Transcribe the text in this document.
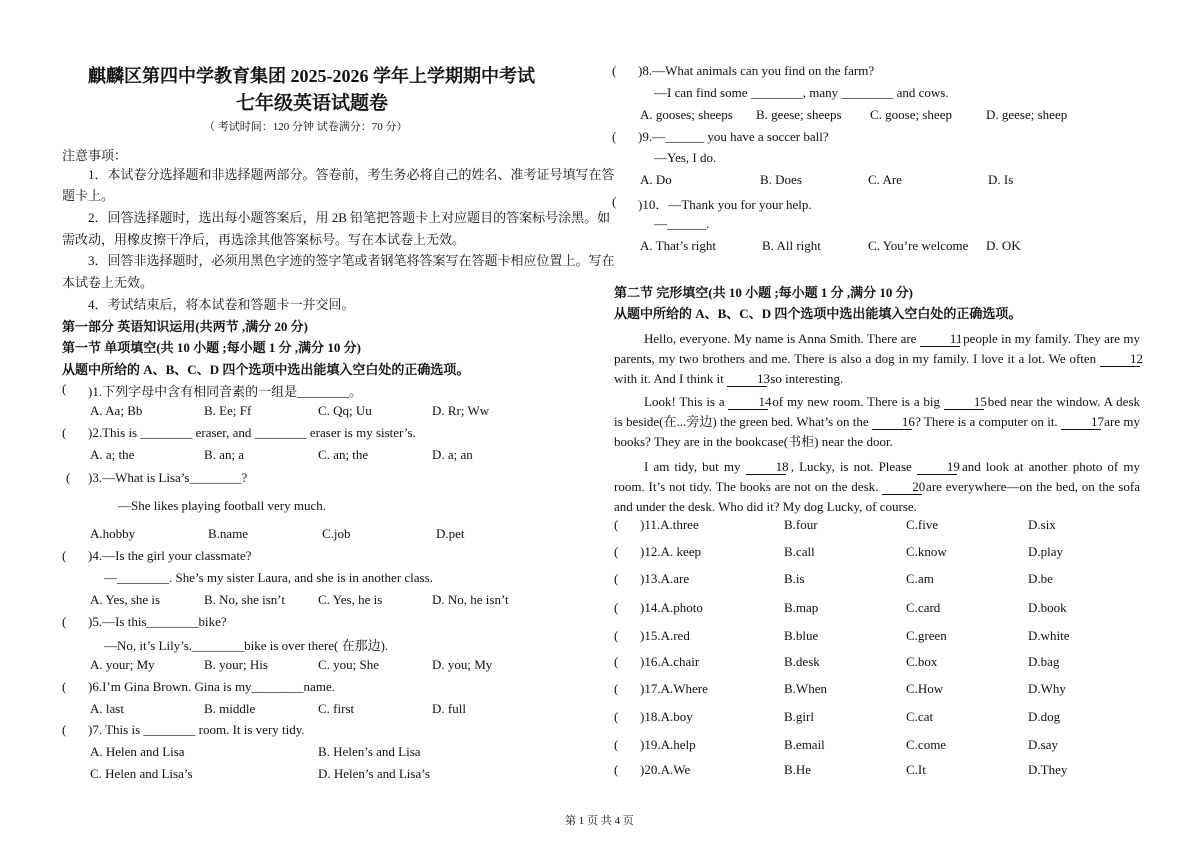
麒麟区第四中学教育集团 2025-2026 学年上学期期中考试
七年级英语试题卷
（ 考试时间：120 分钟 试卷满分：70 分）
注意事项：
1．本试卷分选择题和非选择题两部分。答卷前，考生务必将自己的姓名、准考证号填写在答
题卡上。
2．回答选择题时，选出每小题答案后，用 2B 铅笔把答题卡上对应题目的答案标号涂黑。如
需改动，用橡皮擦干净后，再选涂其他答案标号。写在本试卷上无效。
3．回答非选择题时，必须用黑色字迹的签字笔或者钢笔将答案写在答题卡相应位置上。写在
本试卷上无效。
4．考试结束后，将本试卷和答题卡一并交回。
第一部分 英语知识运用(共两节 ,满分 20 分)
第一节 单项填空(共 10 小题 ;每小题 1 分 ,满分 10 分)
从题中所给的 A、B、C、D 四个选项中选出能填入空白处的正确选项。
( )1.下列字母中含有相同音素的一组是________。
A. Aa; Bb	B. Ee; Ff	C. Qq; Uu	D. Rr; Ww
( )2.This is ________ eraser, and ________ eraser is my sister’s.
A. a; the	B. an; a	C. an; the	D. a; an
( )3.—What is Lisa’s________?
—She likes playing football very much.
A.hobby	B.name	C.job	D.pet
( )4.—Is the girl your classmate?
—________. She’s my sister Laura, and she is in another class.
A. Yes, she is	B. No, she isn’t	C. Yes, he is	D. No, he isn’t
( )5.—Is this________bike?
—No, it’s Lily’s.________bike is over there( 在那边).
A. your; My	B. your; His	C. you; She	D. you; My
( )6.I’m Gina Brown. Gina is my________name.
A. last	B. middle	C. first	D. full
( )7. This is ________ room. It is very tidy.
A. Helen and Lisa	B. Helen’s and Lisa
C. Helen and Lisa’s	D. Helen’s and Lisa’s
( )8.—What animals can you find on the farm?
—I can find some ________, many ________ and cows.
A. gooses; sheeps B. geese; sheeps C. goose; sheep	D. geese; sheep
( )9.—______ you have a soccer ball?
—Yes, I do.
A. Do	B. Does	C. Are	D. Is
( )10．—Thank you for your help.
—______.
A. That’s right	B. All right	C. You’re welcome D. OK
第二节 完形填空(共 10 小题 ;每小题 1 分 ,满分 10 分)
从题中所给的 A、B、C、D 四个选项中选出能填入空白处的正确选项。
Hello, everyone. My name is Anna Smith. There are 11 people in my family. They are my parents, my two brothers and me. There is also a dog in my family. I love it a lot. We often 12 with it. And I think it 13 so interesting.
Look! This is a 14 of my new room. There is a big 15 bed near the window. A desk is beside(在...旁边) the green bed. What’s on the 16 ? There is a computer on it. 17 are my books? They are in the bookcase(书柜) near the door.
I am tidy, but my 18 , Lucky, is not. Please 19 and look at another photo of my room. It’s not tidy. The books are not on the desk. 20 are everywhere—on the bed, on the sofa and under the desk. Who did it? My dog Lucky, of course.
( )11.A.three	B.four	C.five	D.six
( )12.A. keep	B.call	C.know	D.play
( )13.A.are	B.is	C.am	D.be
( )14.A.photo	B.map	C.card	D.book
( )15.A.red	B.blue	C.green	D.white
( )16.A.chair	B.desk	C.box	D.bag
( )17.A.Where	B.When	C.How	D.Why
( )18.A.boy	B.girl	C.cat	D.dog
( )19.A.help	B.email	C.come	D.say
( )20.A.We	B.He	C.It	D.They
第 1 页 共 4 页
